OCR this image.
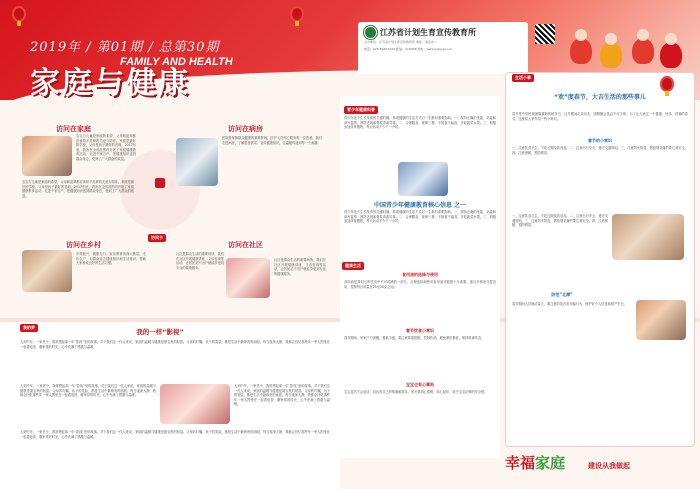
2019年 / 第01期 / 总第30期
家庭与健康
FAMILY AND HEALTH
江苏省计划生育宣传教育所
主办单位：江苏省计划生育宣传教育所 地址：南京市...
电话：025-84497424 邮编：210008 网址：www.jsjsw.gov.cn
访问卡
访问在家庭
宝宝与儿童是家庭的希望，父母和祖辈都应该给予足够的关爱与陪伴。家庭是最好的学校，父母是孩子最好的老师。2017年底，我所在全省范围内开展了家庭健康教育活动，走进千家万户，把健康知识送到群众身边，受到了广大群众的欢迎。
宝宝与儿童是家庭的希望，父母和祖辈都应该给予足够的关爱与陪伴。家庭是最好的学校，父母是孩子最好的老师。2017年底，我所在全省范围内开展了家庭健康教育活动，走进千家万户，把健康知识送到群众身边，受到了广大群众的欢迎。
访问在病房
医院是保障群众健康的重要阵地，医护人员用心服务每一位患者。我们走进病房，了解患者需求，宣传健康知识，让温暖传递到每一个角落。
访问在乡村
乡村振兴，健康先行。宣传教育所深入基层，走访农户，为群众送去健康知识和生活常识，帮助大家养成良好的生活习惯。
访问在社区
社区是群众生活的重要场所，我们在社区开展健康讲座、义诊咨询等活动，让居民足不出户就能享受到专业的健康服务。
社区是群众生活的重要场所，我们在社区开展健康讲座、义诊咨询等活动，让居民足不出户就能享受到专业的健康服务。
我的梦
我的一样“影视”
人到中年，一家老小，我常想起那一年“影视”里的故事。对于我们这一代人来说，家庭的温暖与健康是最宝贵的财富。父母的叮嘱，孩子的笑脸，都是生活中最珍贵的画面。每当夜深人静，我都会回忆那些年一家人围坐在一起看电视、聊家常的时光，心中充满了感激与温暖。
人到中年，一家老小，我常想起那一年“影视”里的故事。对于我们这一代人来说，家庭的温暖与健康是最宝贵的财富。父母的叮嘱，孩子的笑脸，都是生活中最珍贵的画面。每当夜深人静，我都会回忆那些年一家人围坐在一起看电视、聊家常的时光，心中充满了感激与温暖。
人到中年，一家老小，我常想起那一年“影视”里的故事。对于我们这一代人来说，家庭的温暖与健康是最宝贵的财富。父母的叮嘱，孩子的笑脸，都是生活中最珍贵的画面。每当夜深人静，我都会回忆那些年一家人围坐在一起看电视、聊家常的时光，心中充满了感激与温暖。
人到中年，一家老小，我常想起那一年“影视”里的故事。对于我们这一代人来说，家庭的温暖与健康是最宝贵的财富。父母的叮嘱，孩子的笑脸，都是生活中最珍贵的画面。每当夜深人静，我都会回忆那些年一家人围坐在一起看电视、聊家常的时光，心中充满了感激与温暖。
青少年健康科普
青少年处于生长发育的关键时期，养成健康的生活方式对一生都有重要影响。一、保持正确的坐姿、站姿和读写姿势，预防近视和脊柱弯曲异常。二、合理膳食，规律三餐，不挑食不偏食，多吃蔬菜水果。三、积极参加体育锻炼，每天运动不少于一小时。
中国青少年健康教育核心信息 之一
青少年处于生长发育的关键时期，养成健康的生活方式对一生都有重要影响。一、保持正确的坐姿、站姿和读写姿势，预防近视和脊柱弯曲异常。二、合理膳食，规律三餐，不挑食不偏食，多吃蔬菜水果。三、积极参加体育锻炼，每天运动不少于一小时。
健康生活
食用油的选择与使用
食用油是我们日常饮食中不可或缺的一部分，合理选择和使用食用油对健康十分重要。建议多种油交替食用，控制每日用量在25至30克之间。
春节饮食小常识
春节期间，家家户户团聚，餐桌丰盛。要注意荤素搭配，控制饮酒，避免暴饮暴食，保持规律作息。
宝宝也有心事吗
宝宝虽然不会说话，但也有自己的情绪和需求。家长要细心观察，用心陪伴，给予宝宝足够的安全感。
生活小事
“欢”度春节，大吉生活的那些事儿
春节是中华民族最隆重的传统节日，过年期间走亲访友、团圆聚会是必不可少的。为了让大家过一个健康、快乐、祥和的春节，这里给大家介绍一些小常识。
春节的小常识
一、注意饮食卫生，不吃过期变质食品。二、注意出行安全，遵守交通规则。三、注意防火防盗，燃放烟花爆竹要注意安全。四、注意保暖，预防感冒。
一、注意饮食卫生，不吃过期变质食品。二、注意出行安全，遵守交通规则。三、注意防火防盗，燃放烟花爆竹要注意安全。四、注意保暖，预防感冒。
防范“北漂”
春节期间人员流动量大，要注意防范各类诈骗行为，保护好个人信息和财产安全。
幸福家庭	建设从我做起
